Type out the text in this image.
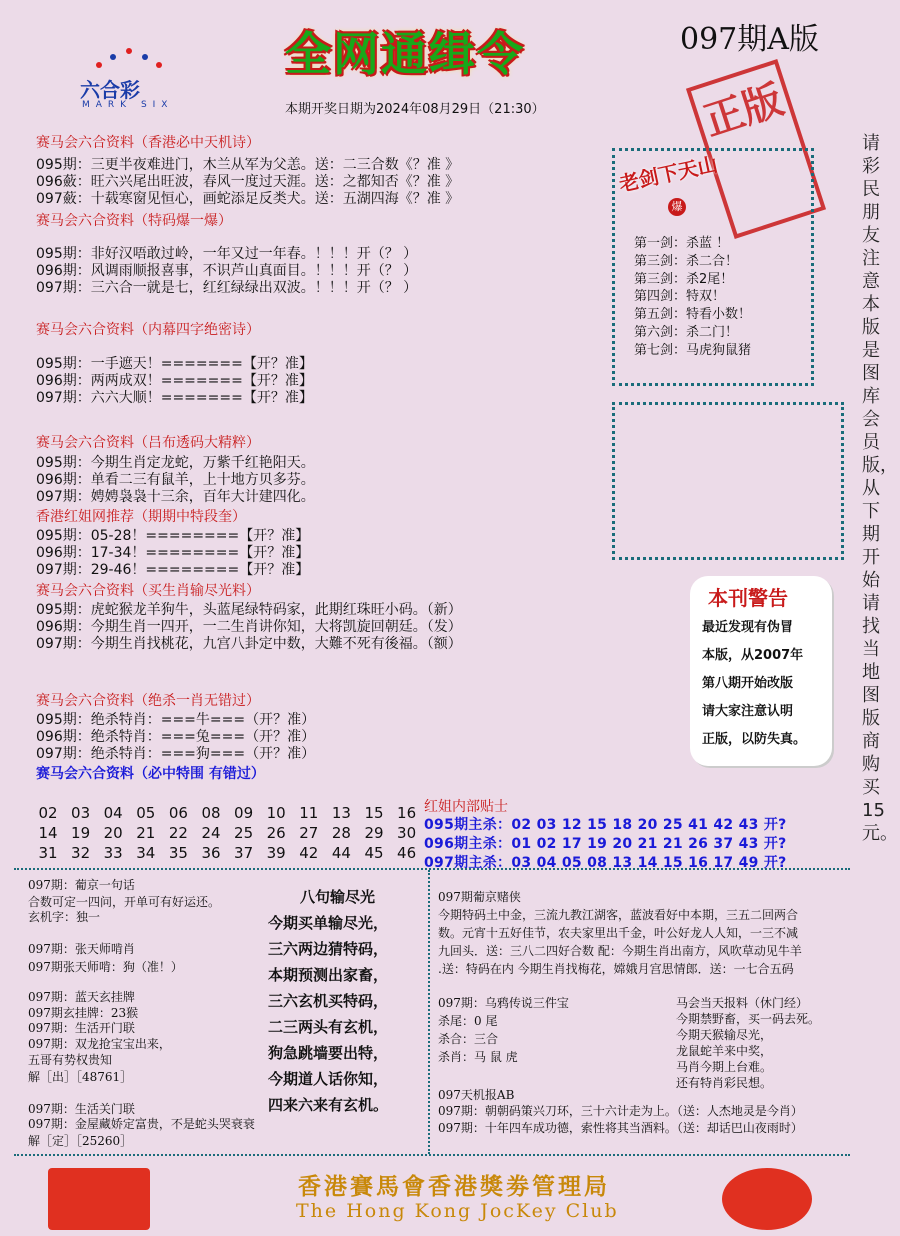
六合彩
MARK SIX
全网通缉令	097期A版
本期开奖日期为2024年08月29日（21:30）	正版	请彩民朋友注意本版是图库会员版，从下期开始请找当地图版商购买15元。
赛马会六合资料（香港必中天机诗）
095期：三更半夜难进门，木兰从军为父恙。送：二三合数《？准 》
096蘞：旺六兴尾出旺波，春风一度过天涯。送：之都知否《？准 》
097蘞：十载寒窗见恒心，画蛇添足反类犬。送：五湖四海《？准 》
赛马会六合资料（特码爆一爆）
095期：非好汉唔敢过岭，一年又过一年春。！！！开（？ ）
096期：风调雨顺报喜事，不识芦山真面目。！！！开（？ ）
097期：三六合一就是七，红红绿绿出双波。！！！开（？ ）
赛马会六合资料（内幕四字绝密诗）
095期：一手遮天！=======【开？准】
096期：两两成双！=======【开？准】
097期：六六大顺！=======【开？准】
赛马会六合资料（吕布透码大精粹）
095期：今期生肖定龙蛇，万紫千红艳阳天。
096期：单看二三有鼠羊，上十地方贝多芬。
097期：娉娉袅袅十三余，百年大计建四化。
香港红姐网推荐（期期中特段奎）
095期：05-28！========【开？准】
096期：17-34！========【开？准】
097期：29-46！========【开？准】
赛马会六合资料（买生肖输尽光料）
095期：虎蛇猴龙羊狗牛，头蓝尾绿特码家，此期红珠旺小码。（新）
096期：今期生肖一四开，一二生肖讲你知，大将凯旋回朝廷。（发）
097期：今期生肖找桃花，九宫八卦定中数，大難不死有後福。（额）
赛马会六合资料（绝杀一肖无错过）
095期：绝杀特肖：===牛===（开？准）
096期：绝杀特肖：===兔===（开？准）
097期：绝杀特肖：===狗===（开？准）
赛马会六合资料（必中特围 有错过）
02 03 04 05 06 08 09 10 11 13 15 16
14 19 20 21 22 24 25 26 27 28 29 30
31 32 33 34 35 36 37 39 42 44 45 46
老剑下天山
爆
第一剑：杀蓝 ！
第三剑：杀二合！
第三剑：杀2尾！
第四剑：特双！
第五剑：特看小数！
第六剑：杀二门！
第七剑：马虎狗鼠猪
本刊警告
最近发现有伪冒
本版，从2007年
第八期开始改版
请大家注意认明
正版，以防失真。
红姐内部贴士
095期主杀：02 03 12 15 18 20 25 41 42 43 开?
096期主杀：01 02 17 19 20 21 21 26 37 43 开?
097期主杀：03 04 05 08 13 14 15 16 17 49 开?
097期：葡京一句话
合数可定一四问，开单可有好运还。
玄机字：独一
097期：张天师啃肖
097期张天师啃：狗（准！）
097期：蓝天玄挂牌
097期玄挂牌：23猴
097期：生活开门联
097期：双龙抢宝宝出来，
五哥有势权贵知
解［出］［48761］
097期：生活关门联
097期：金屋藏娇定富贵，不是蛇头哭衰衰
解［定］［25260］
八句输尽光
今期买单输尽光，
三六两边猜特码，
本期预测出家畜，
三六玄机买特码，
二三两头有玄机，
狗急跳墙要出特，
今期道人话你知，
四来六来有玄机。
097期葡京赌侠
今期特码土中金，三流九教江湖客，蓝波看好中本期，三五二回两合
数。元宵十五好佳节，农夫家里出千金，叶公好龙人人知，一三不减
九回头．送：三八二四好合数 配：今期生肖出南方，风吹草动见牛羊
.送：特码在内 今期生肖找梅花，嫦娥月宫思情郎．送：一七合五码
097期：乌鸦传说三件宝
杀尾：0 尾
杀合：三合
杀肖：马 鼠 虎
马会当天报料（休门经）
今期禁野畜，买一码去死。
今期天猴输尽光，
龙鼠蛇羊来中奖，
马肖今期上台难。
还有特肖彩民想。
097天机报AB
097期：朝朝码策兴刀环，三十六计走为上。（送：人杰地灵是今肖）
097期：十年四车成功德，索性将其当酒料。（送：却话巴山夜雨时）
香港賽馬會香港獎劵管理局
The Hong Kong JocKey Club
